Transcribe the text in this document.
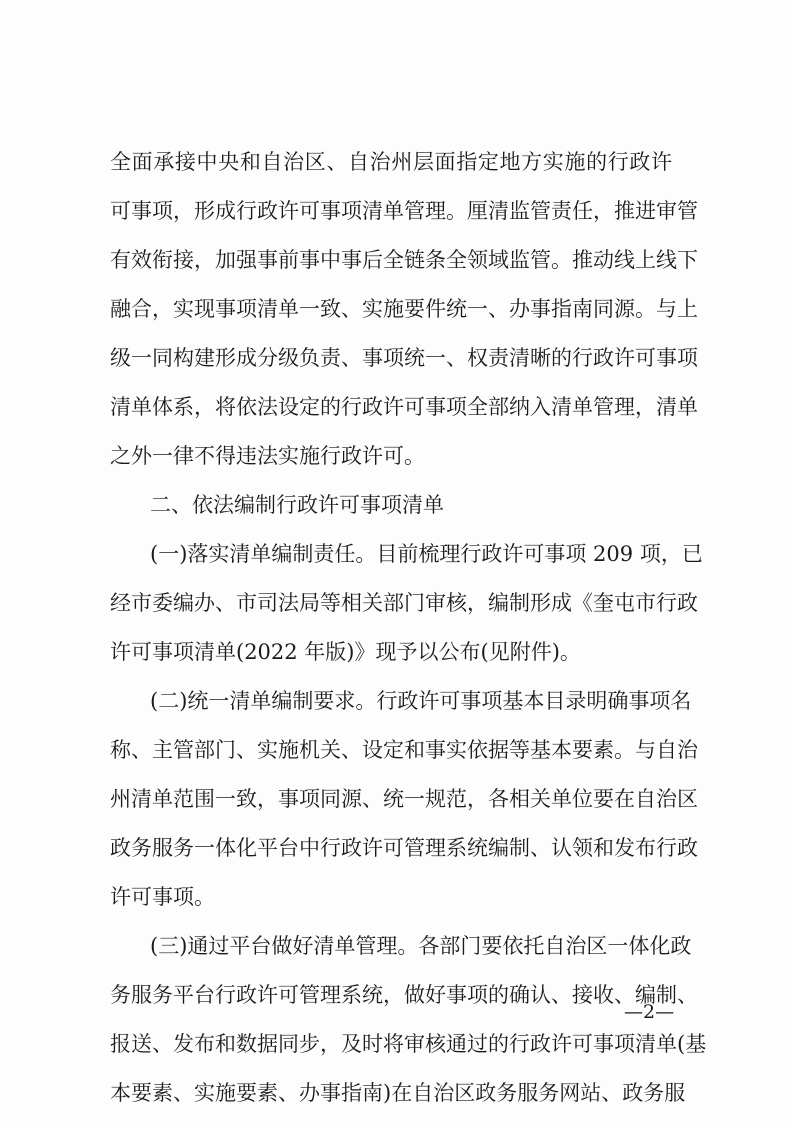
—2—
全面承接中央和自治区、自治州层面指定地方实施的行政许
可事项，形成行政许可事项清单管理。厘清监管责任，推进审管
有效衔接，加强事前事中事后全链条全领域监管。推动线上线下
融合，实现事项清单一致、实施要件统一、办事指南同源。与上
级一同构建形成分级负责、事项统一、权责清晰的行政许可事项
清单体系，将依法设定的行政许可事项全部纳入清单管理，清单
之外一律不得违法实施行政许可。
二、依法编制行政许可事项清单
(一)落实清单编制责任。目前梳理行政许可事项 209 项，已
经市委编办、市司法局等相关部门审核，编制形成《奎屯市行政
许可事项清单(2022 年版)》现予以公布(见附件)。
(二)统一清单编制要求。行政许可事项基本目录明确事项名
称、主管部门、实施机关、设定和事实依据等基本要素。与自治
州清单范围一致，事项同源、统一规范，各相关单位要在自治区
政务服务一体化平台中行政许可管理系统编制、认领和发布行政
许可事项。
(三)通过平台做好清单管理。各部门要依托自治区一体化政
务服务平台行政许可管理系统，做好事项的确认、接收、编制、
报送、发布和数据同步，及时将审核通过的行政许可事项清单(基
本要素、实施要素、办事指南)在自治区政务服务网站、政务服
